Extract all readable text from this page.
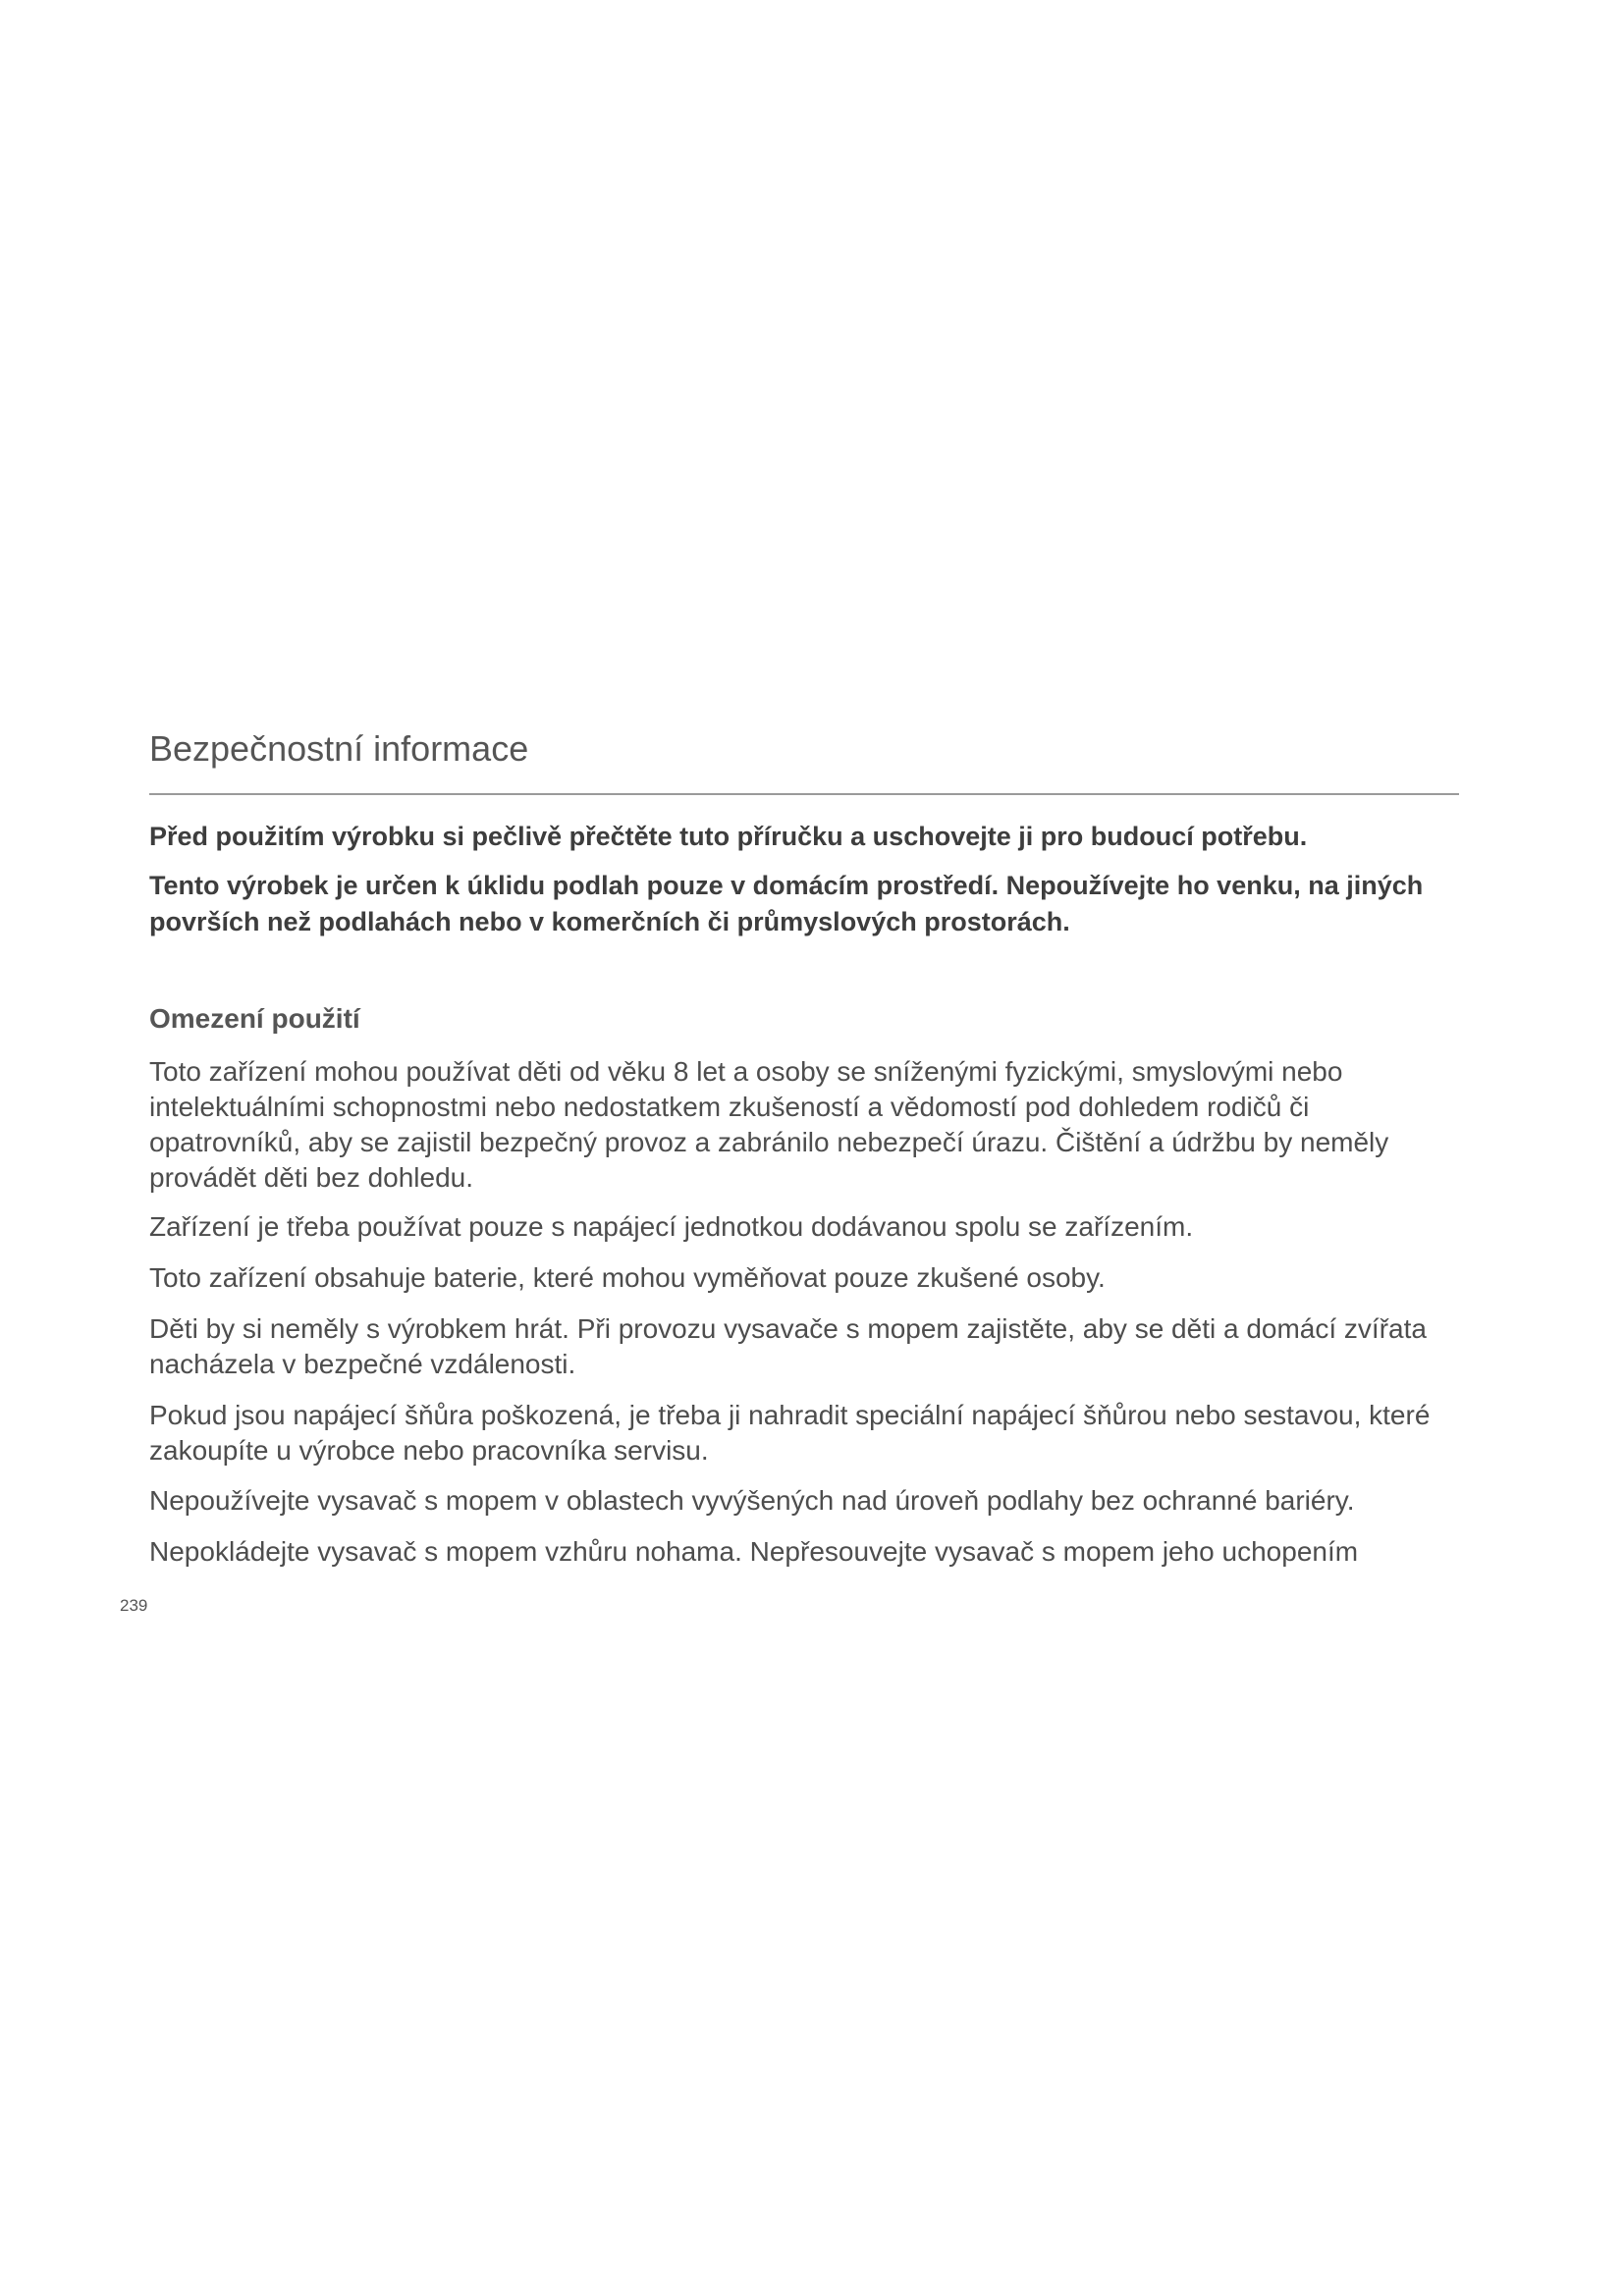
Bezpečnostní informace

Před použitím výrobku si pečlivě přečtěte tuto příručku a uschovejte ji pro budoucí potřebu.

Tento výrobek je určen k úklidu podlah pouze v domácím prostředí. Nepoužívejte ho venku, na jiných površích než podlahách nebo v komerčních či průmyslových prostorách.

Omezení použití

Toto zařízení mohou používat děti od věku 8 let a osoby se sníženými fyzickými, smyslovými nebo intelektuálními schopnostmi nebo nedostatkem zkušeností a vědomostí pod dohledem rodičů či opatrovníků, aby se zajistil bezpečný provoz a zabránilo nebezpečí úrazu. Čištění a údržbu by neměly provádět děti bez dohledu.

Zařízení je třeba používat pouze s napájecí jednotkou dodávanou spolu se zařízením.

Toto zařízení obsahuje baterie, které mohou vyměňovat pouze zkušené osoby.

Děti by si neměly s výrobkem hrát. Při provozu vysavače s mopem zajistěte, aby se děti a domácí zvířata nacházela v bezpečné vzdálenosti.

Pokud jsou napájecí šňůra poškozená, je třeba ji nahradit speciální napájecí šňůrou nebo sestavou, které zakoupíte u výrobce nebo pracovníka servisu.

Nepoužívejte vysavač s mopem v oblastech vyvýšených nad úroveň podlahy bez ochranné bariéry.

Nepokládejte vysavač s mopem vzhůru nohama. Nepřesouvejte vysavač s mopem jeho uchopením

239
